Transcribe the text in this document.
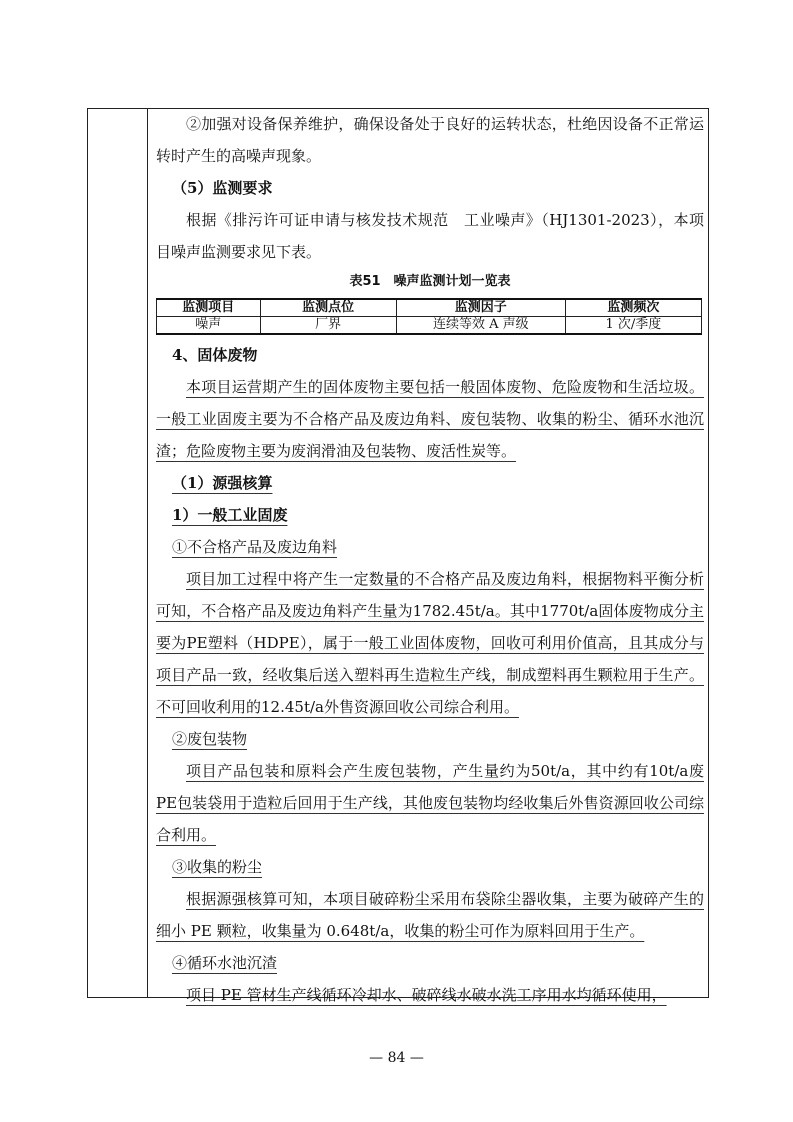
②加强对设备保养维护，确保设备处于良好的运转状态，杜绝因设备不正常运转时产生的高噪声现象。

（5）监测要求

根据《排污许可证申请与核发技术规范　工业噪声》（HJ1301-2023），本项目噪声监测要求见下表。

表51　噪声监测计划一览表
监测项目	监测点位	监测因子	监测频次
噪声	厂界	连续等效 A 声级	1 次/季度

4、固体废物

本项目运营期产生的固体废物主要包括一般固体废物、危险废物和生活垃圾。一般工业固废主要为不合格产品及废边角料、废包装物、收集的粉尘、循环水池沉渣；危险废物主要为废润滑油及包装物、废活性炭等。

（1）源强核算

1）一般工业固废

①不合格产品及废边角料

项目加工过程中将产生一定数量的不合格产品及废边角料，根据物料平衡分析可知，不合格产品及废边角料产生量为1782.45t/a。其中1770t/a固体废物成分主要为PE塑料（HDPE），属于一般工业固体废物，回收可利用价值高，且其成分与项目产品一致，经收集后送入塑料再生造粒生产线，制成塑料再生颗粒用于生产。不可回收利用的12.45t/a外售资源回收公司综合利用。

②废包装物

项目产品包装和原料会产生废包装物，产生量约为50t/a，其中约有10t/a废PE包装袋用于造粒后回用于生产线，其他废包装物均经收集后外售资源回收公司综合利用。

③收集的粉尘

根据源强核算可知，本项目破碎粉尘采用布袋除尘器收集，主要为破碎产生的细小 PE 颗粒，收集量为 0.648t/a，收集的粉尘可作为原料回用于生产。

④循环水池沉渣

项目 PE 管材生产线循环冷却水、破碎线水破水洗工序用水均循环使用，

— 84 —
